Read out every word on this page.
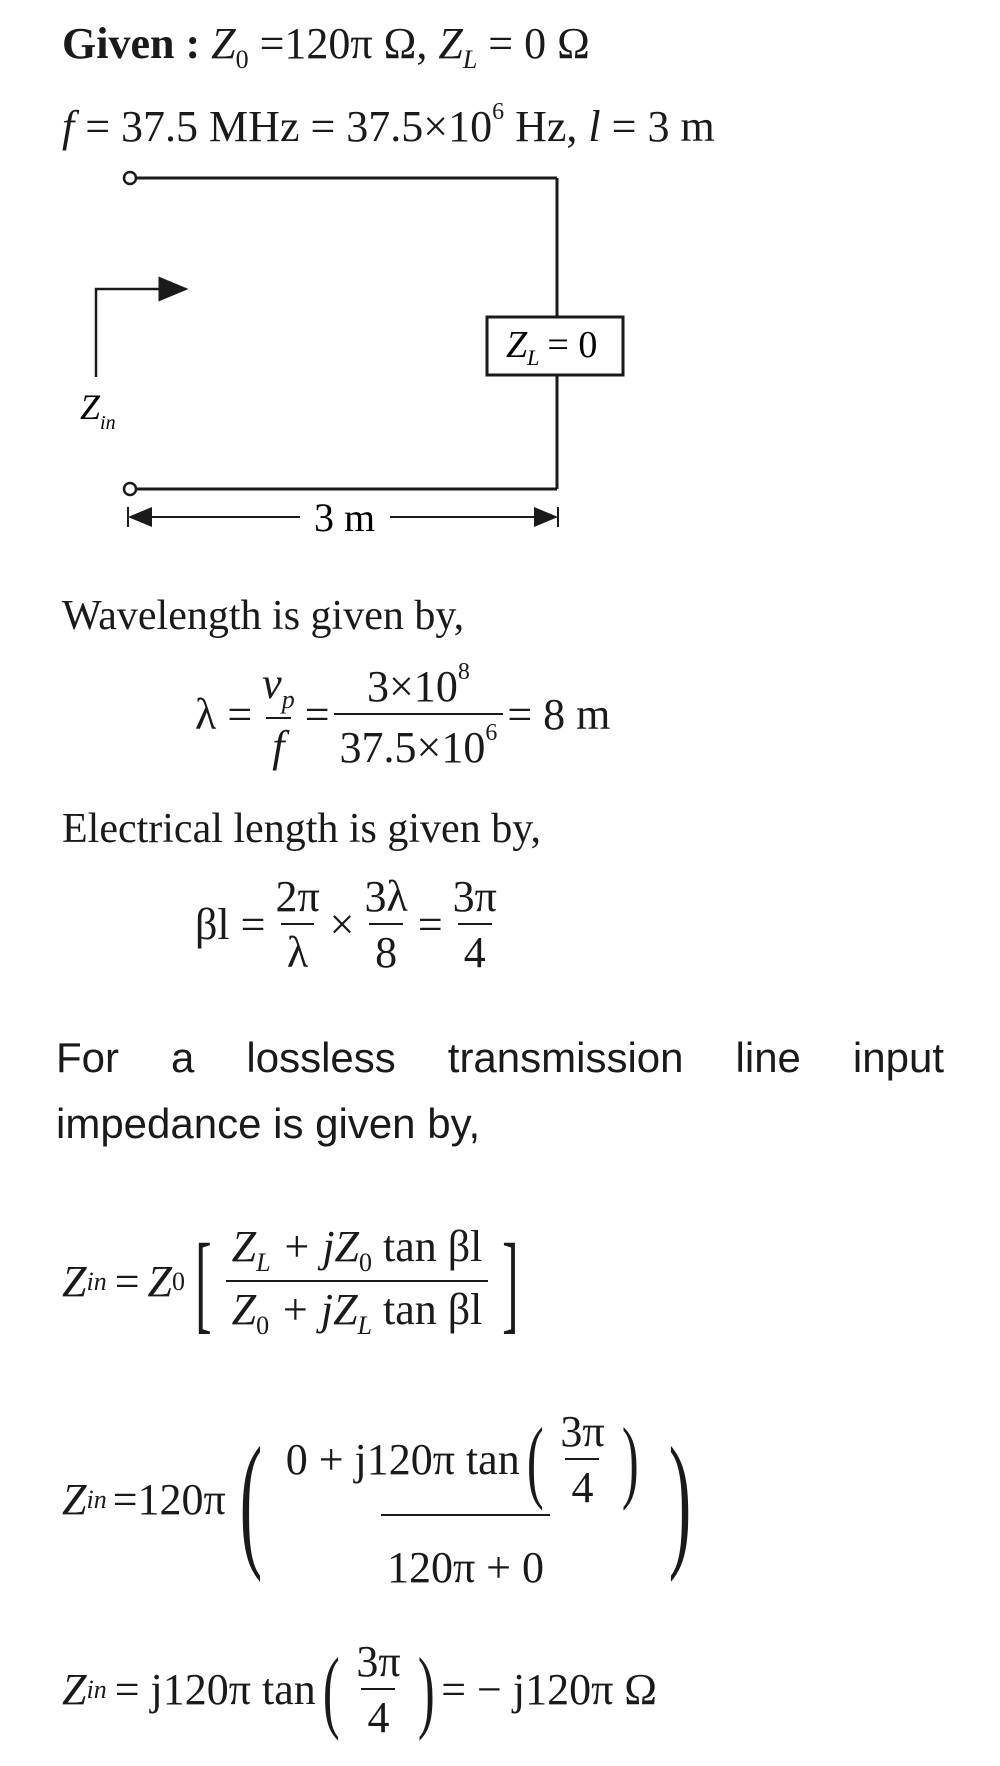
Given : $Z_0 =120\pi$ Ω, $Z_L = 0$ Ω
f = 37.5 MHz = $37.5\times 10^6$ Hz, l = 3 m
$Z_L = 0$
$Z_{in}$
3 m
Wavelength is given by,
$\lambda = \frac{v_p}{f} = \frac{3\times 10^8}{37.5\times 10^6} = 8$ m
Electrical length is given by,
$\beta l = \frac{2\pi}{\lambda} \times \frac{3\lambda}{8} = \frac{3\pi}{4}$
For a lossless transmission line input impedance is given by,
Z in = Z 0 [ $\frac{Z_L + jZ_0 \tan \beta l}{Z_0 + jZ_L \tan \beta l}$ ]
Z in =120π ( 0 + j120π tan ( $\frac{3\pi}{4}$ )
120π + 0 )
Z in = j120π tan ( $\frac{3\pi}{4}$ ) = − j120π Ω
